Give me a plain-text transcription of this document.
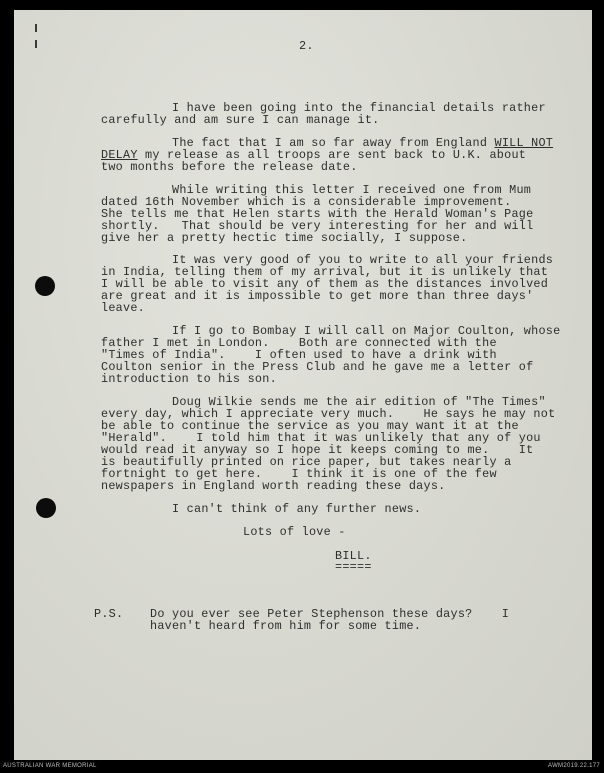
2.

I have been going into the financial details rather

carefully and am sure I can manage it.

The fact that I am so far away from England WILL NOT

DELAY my release as all troops are sent back to U.K. about

two months before the release date.

While writing this letter I received one from Mum

dated 16th November which is a considerable improvement.

She tells me that Helen starts with the Herald Woman's Page

shortly.   That should be very interesting for her and will

give her a pretty hectic time socially, I suppose.

It was very good of you to write to all your friends

in India, telling them of my arrival, but it is unlikely that

I will be able to visit any of them as the distances involved

are great and it is impossible to get more than three days'

leave.

If I go to Bombay I will call on Major Coulton, whose

father I met in London.    Both are connected with the

"Times of India".    I often used to have a drink with

Coulton senior in the Press Club and he gave me a letter of

introduction to his son.

Doug Wilkie sends me the air edition of "The Times"

every day, which I appreciate very much.    He says he may not

be able to continue the service as you may want it at the

"Herald".    I told him that it was unlikely that any of you

would read it anyway so I hope it keeps coming to me.    It

is beautifully printed on rice paper, but takes nearly a

fortnight to get here.    I think it is one of the few

newspapers in England worth reading these days.

I can't think of any further news.

Lots of love -

BILL.

=====

P.S. Do you ever see Peter Stephenson these days?    I

haven't heard from him for some time.

AUSTRALIAN WAR MEMORIAL	AWM2019.22.177
